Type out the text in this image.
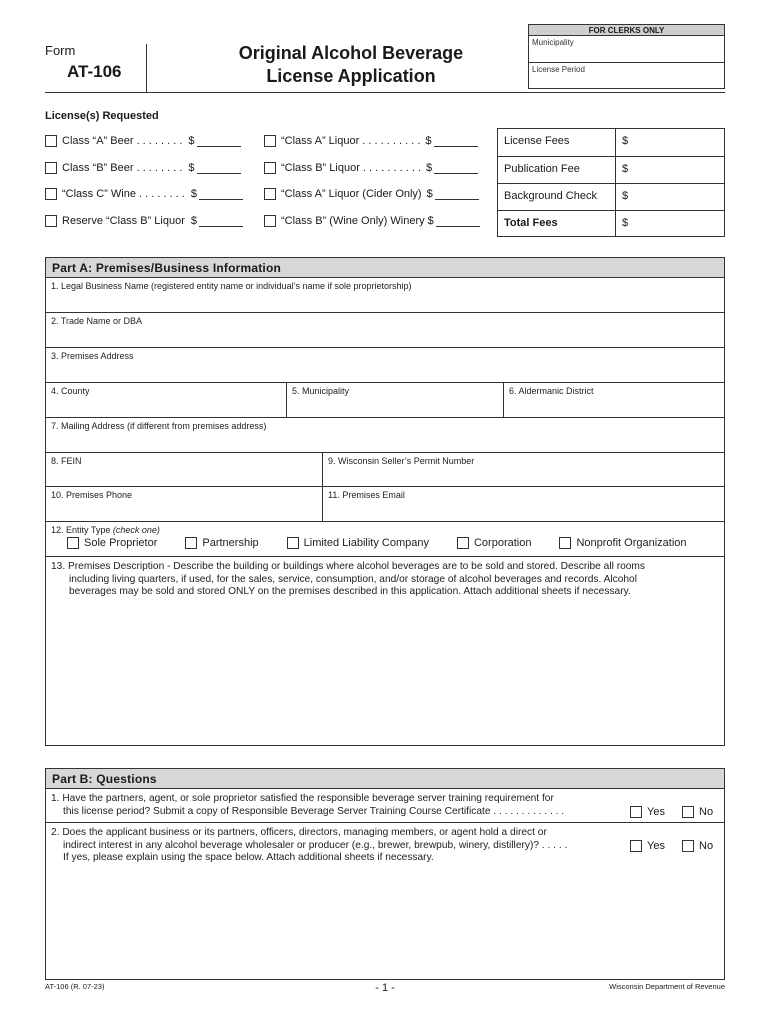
Form
AT-106
Original Alcohol Beverage
License Application
FOR CLERKS ONLY
Municipality
License Period
License(s) Requested
Class “A” Beer . . . . . . . . $
Class “B” Beer . . . . . . . . $
“Class C” Wine . . . . . . . . $
Reserve “Class B” Liquor $
“Class A” Liquor . . . . . . . . . . $
“Class B” Liquor . . . . . . . . . . $
“Class A” Liquor (Cider Only) $
“Class B” (Wine Only) Winery $
License Fees	$
Publication Fee	$
Background Check	$
Total Fees	$
Part A: Premises/Business Information
1. Legal Business Name (registered entity name or individual’s name if sole proprietorship)
2. Trade Name or DBA
3. Premises Address
4. County	5. Municipality	6. Aldermanic District
7. Mailing Address (if different from premises address)
8. FEIN	9. Wisconsin Seller’s Permit Number
10. Premises Phone	11. Premises Email
12. Entity Type (check one)
Sole Proprietor	Partnership	Limited Liability Company	Corporation	Nonprofit Organization
13. Premises Description - Describe the building or buildings where alcohol beverages are to be sold and stored. Describe all rooms
including living quarters, if used, for the sales, service, consumption, and/or storage of alcohol beverages and records. Alcohol
beverages may be sold and stored ONLY on the premises described in this application. Attach additional sheets if necessary.
Part B: Questions
1. Have the partners, agent, or sole proprietor satisfied the responsible beverage server training requirement for
this license period? Submit a copy of Responsible Beverage Server Training Course Certificate . . . . . . . . . . . . .	Yes	No
2. Does the applicant business or its partners, officers, directors, managing members, or agent hold a direct or
indirect interest in any alcohol beverage wholesaler or producer (e.g., brewer, brewpub, winery, distillery)? . . . . .
If yes, please explain using the space below. Attach additional sheets if necessary.
Yes	No
AT-106 (R. 07-23)	- 1 -	Wisconsin Department of Revenue
